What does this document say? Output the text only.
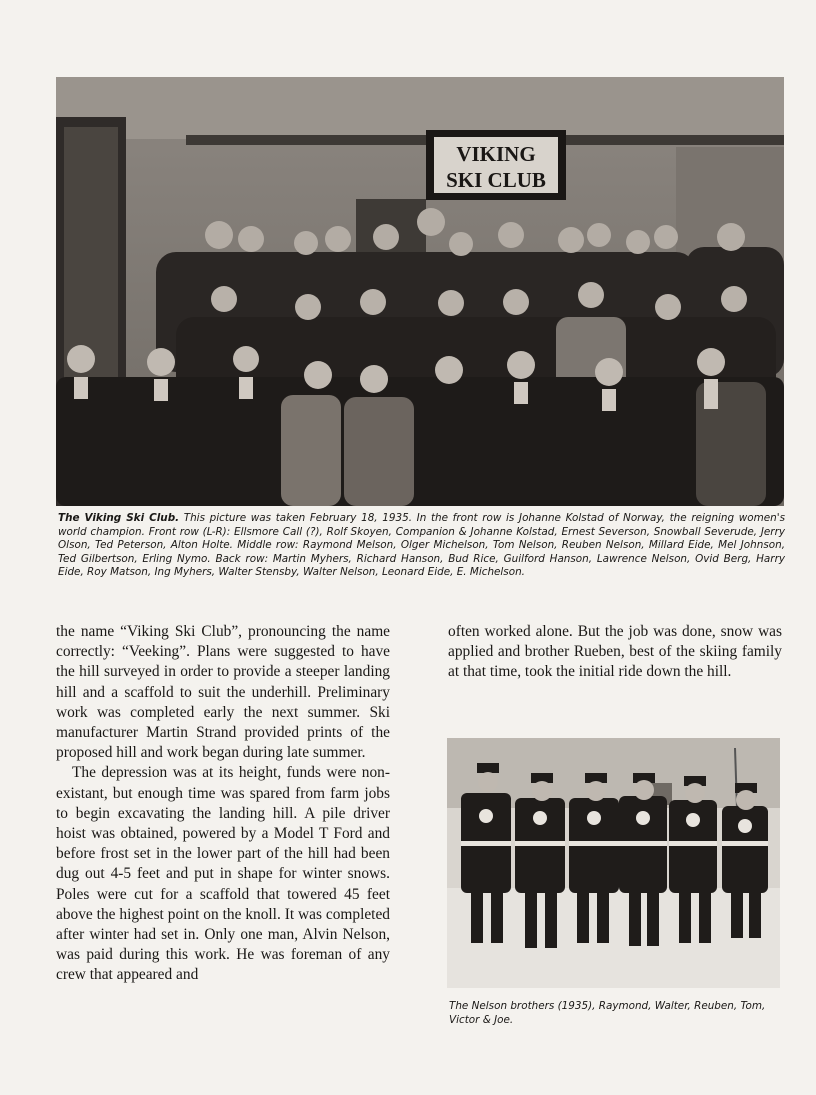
VIKING
SKI CLUB
The Viking Ski Club. This picture was taken February 18, 1935. In the front row is Johanne Kolstad of Norway, the reigning women's world champion. Front row (L-R): Ellsmore Call (?), Rolf Skoyen, Companion & Johanne Kolstad, Ernest Severson, Snowball Severude, Jerry Olson, Ted Peterson, Alton Holte. Middle row: Raymond Melson, Olger Michelson, Tom Nelson, Reuben Nelson, Millard Eide, Mel Johnson, Ted Gilbertson, Erling Nymo. Back row: Martin Myhers, Richard Hanson, Bud Rice, Guilford Hanson, Lawrence Nelson, Ovid Berg, Harry Eide, Roy Matson, Ing Myhers, Walter Stensby, Walter Nelson, Leonard Eide, E. Michelson.

the name “Viking Ski Club”, pronouncing the name correctly: “Veeking”. Plans were suggested to have the hill surveyed in order to provide a steeper landing hill and a scaffold to suit the underhill. Preliminary work was completed early the next summer. Ski manufacturer Martin Strand provided prints of the proposed hill and work began during late summer.

The depression was at its height, funds were non-existant, but enough time was spared from farm jobs to begin excavating the landing hill. A pile driver hoist was obtained, powered by a Model T Ford and before frost set in the lower part of the hill had been dug out 4-5 feet and put in shape for winter snows. Poles were cut for a scaffold that towered 45 feet above the highest point on the knoll. It was completed after winter had set in. Only one man, Alvin Nelson, was paid during this work. He was foreman of any crew that appeared and

often worked alone. But the job was done, snow was applied and brother Rueben, best of the skiing family at that time, took the initial ride down the hill.

The Nelson brothers (1935), Raymond, Walter, Reuben, Tom, Victor & Joe.
